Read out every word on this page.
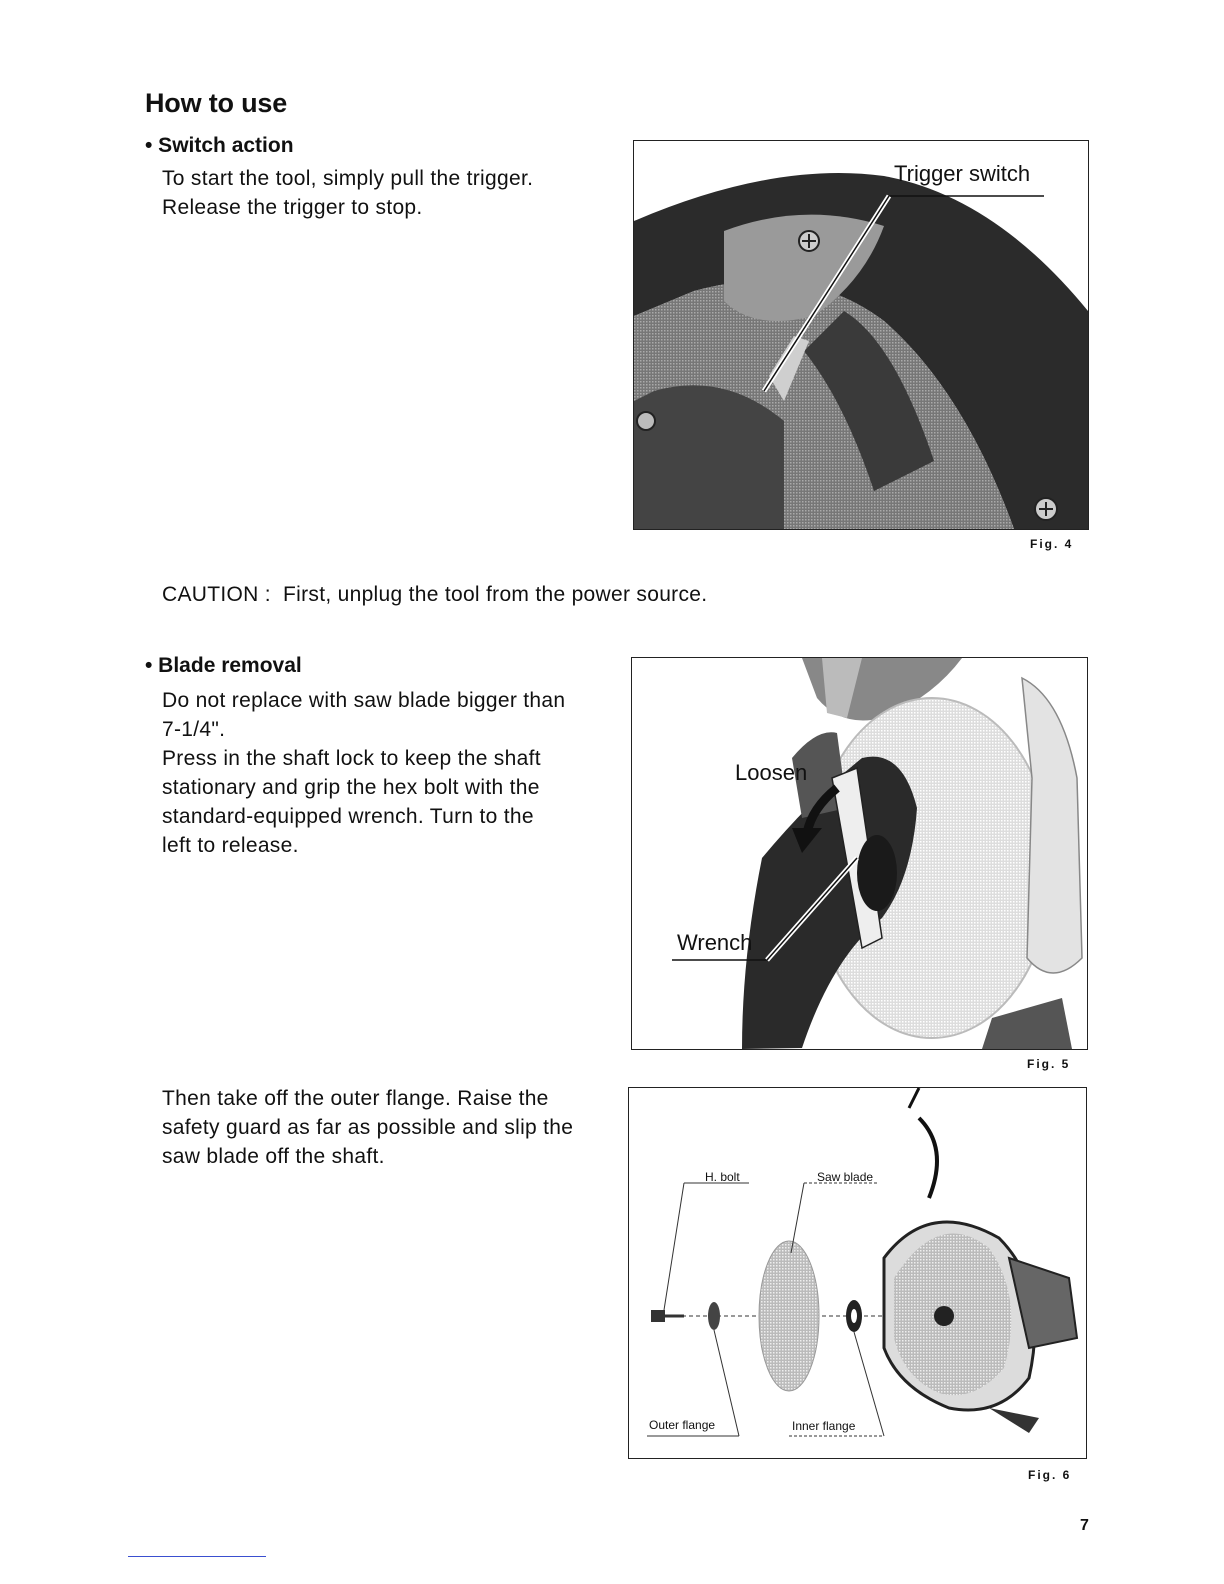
How to use
• Switch action
To start the tool, simply pull the trigger.
Release the trigger to stop.
Trigger switch
Fig. 4
CAUTION : First, unplug the tool from the power source.
• Blade removal
Do not replace with saw blade bigger than
7-1/4".
Press in the shaft lock to keep the shaft
stationary and grip the hex bolt with the
standard-equipped wrench. Turn to the
left to release.
Loosen
Wrench
Fig. 5
Then take off the outer flange. Raise the
safety guard as far as possible and slip the
saw blade off the shaft.
H. bolt	Saw blade
Outer flange	Inner flange
Fig. 6
7
